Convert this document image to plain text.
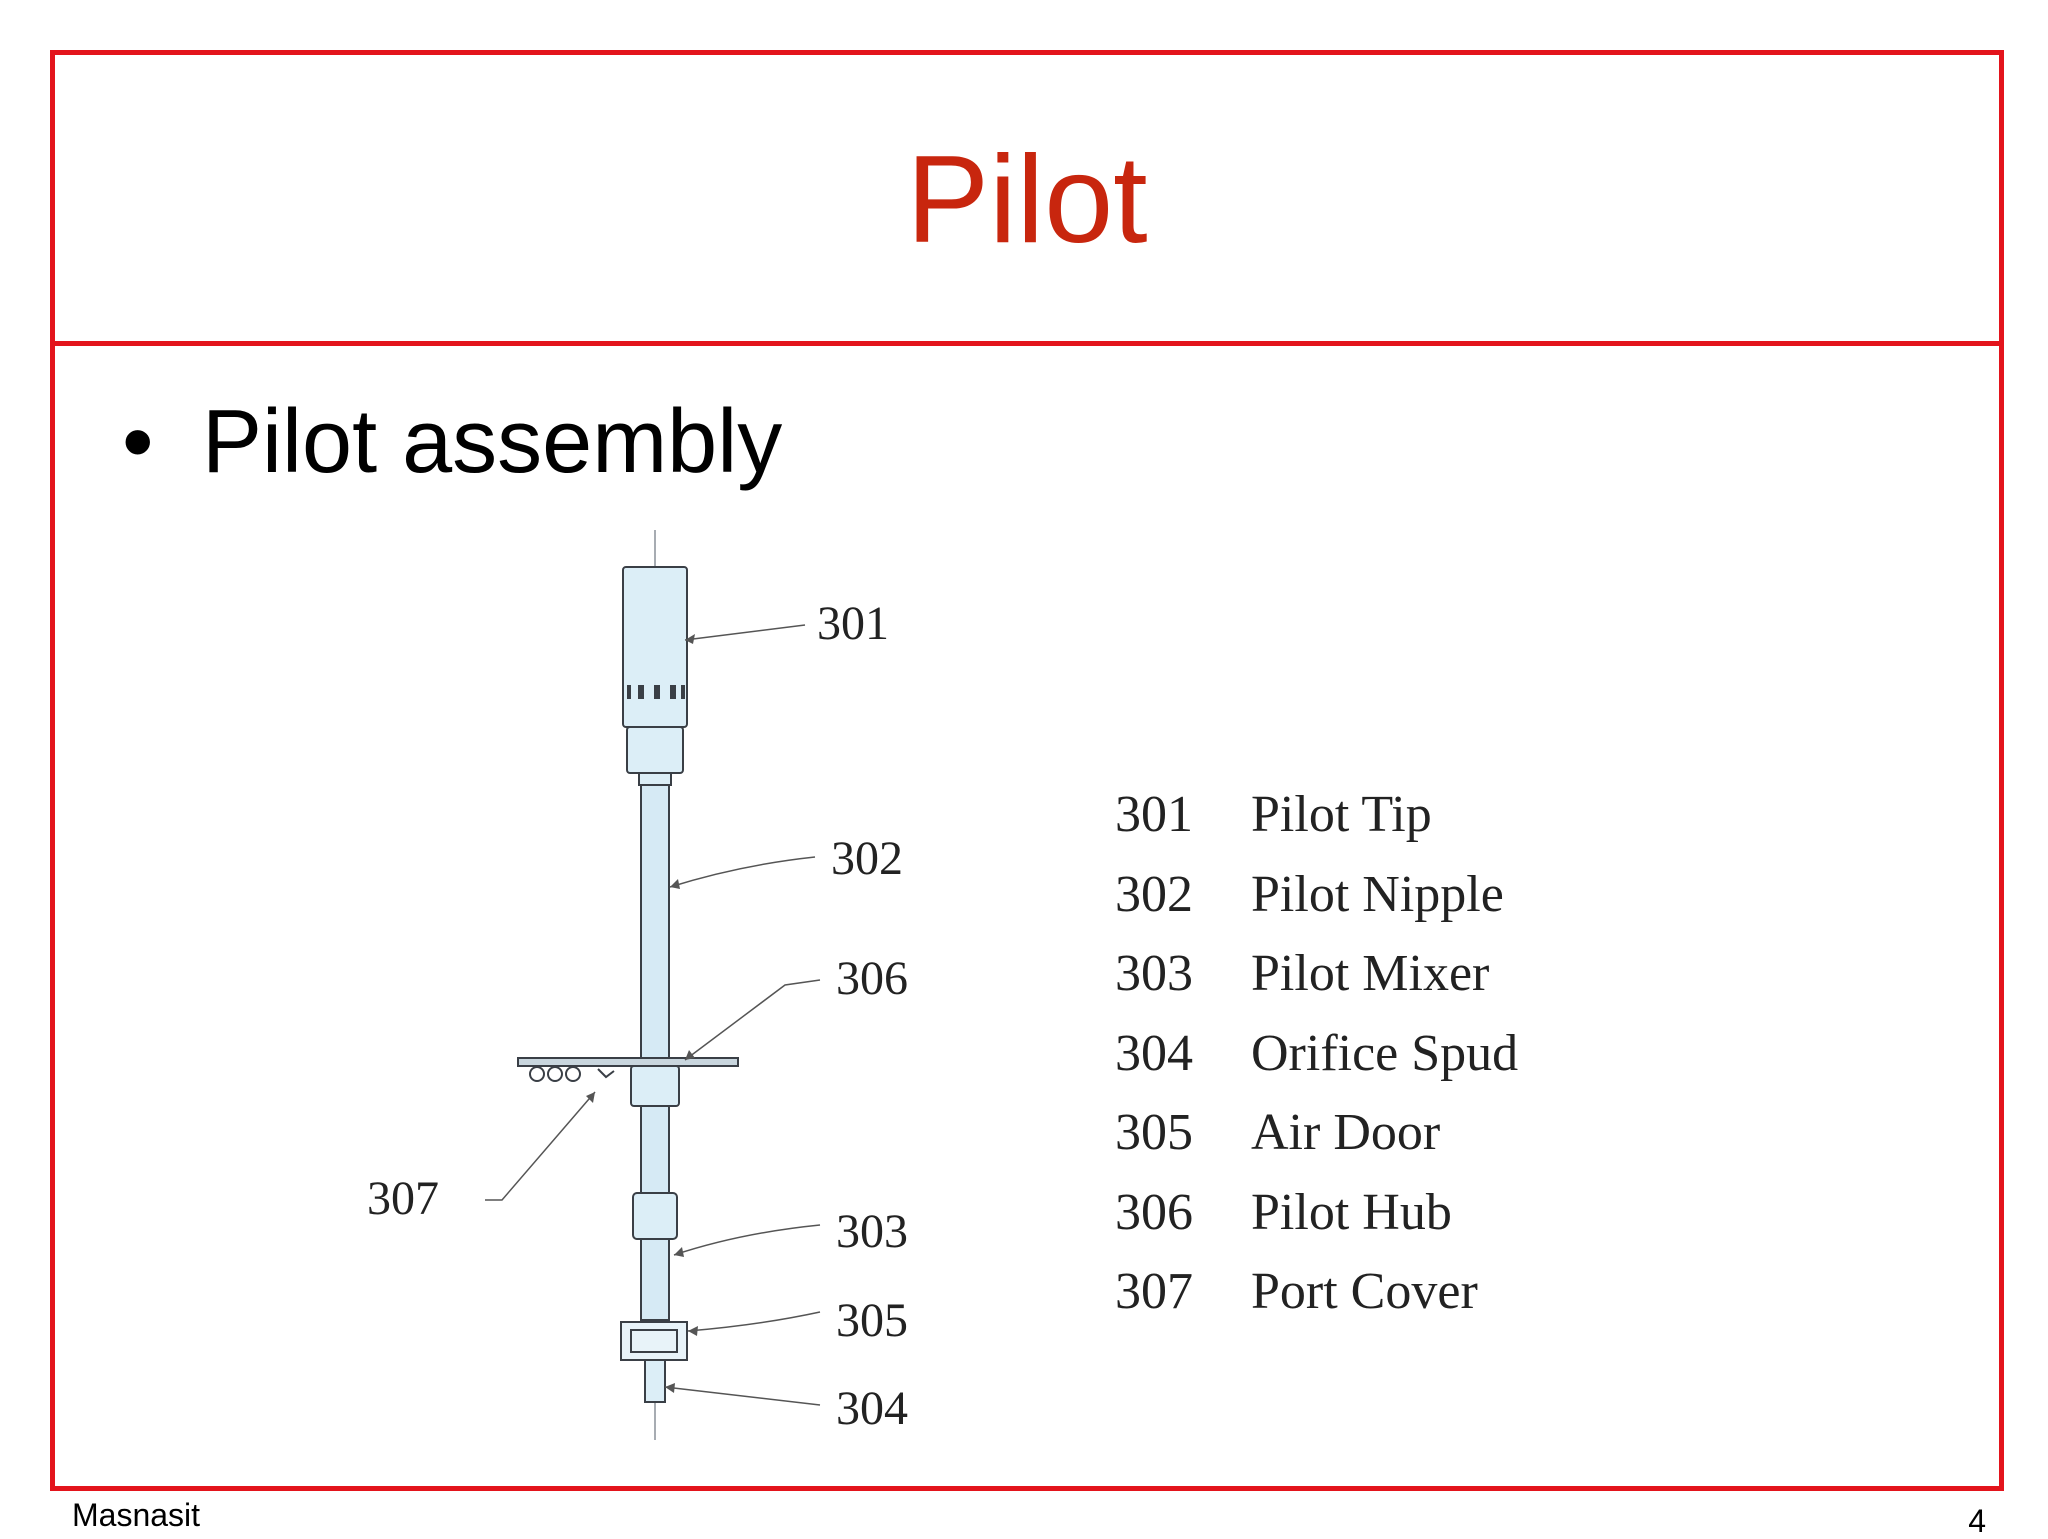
Pilot
• Pilot assembly
301
302
306
307
303
305
304
301	Pilot Tip
302	Pilot Nipple
303	Pilot Mixer
304	Orifice Spud
305	Air Door
306	Pilot Hub
307	Port Cover
Masnasit	4
